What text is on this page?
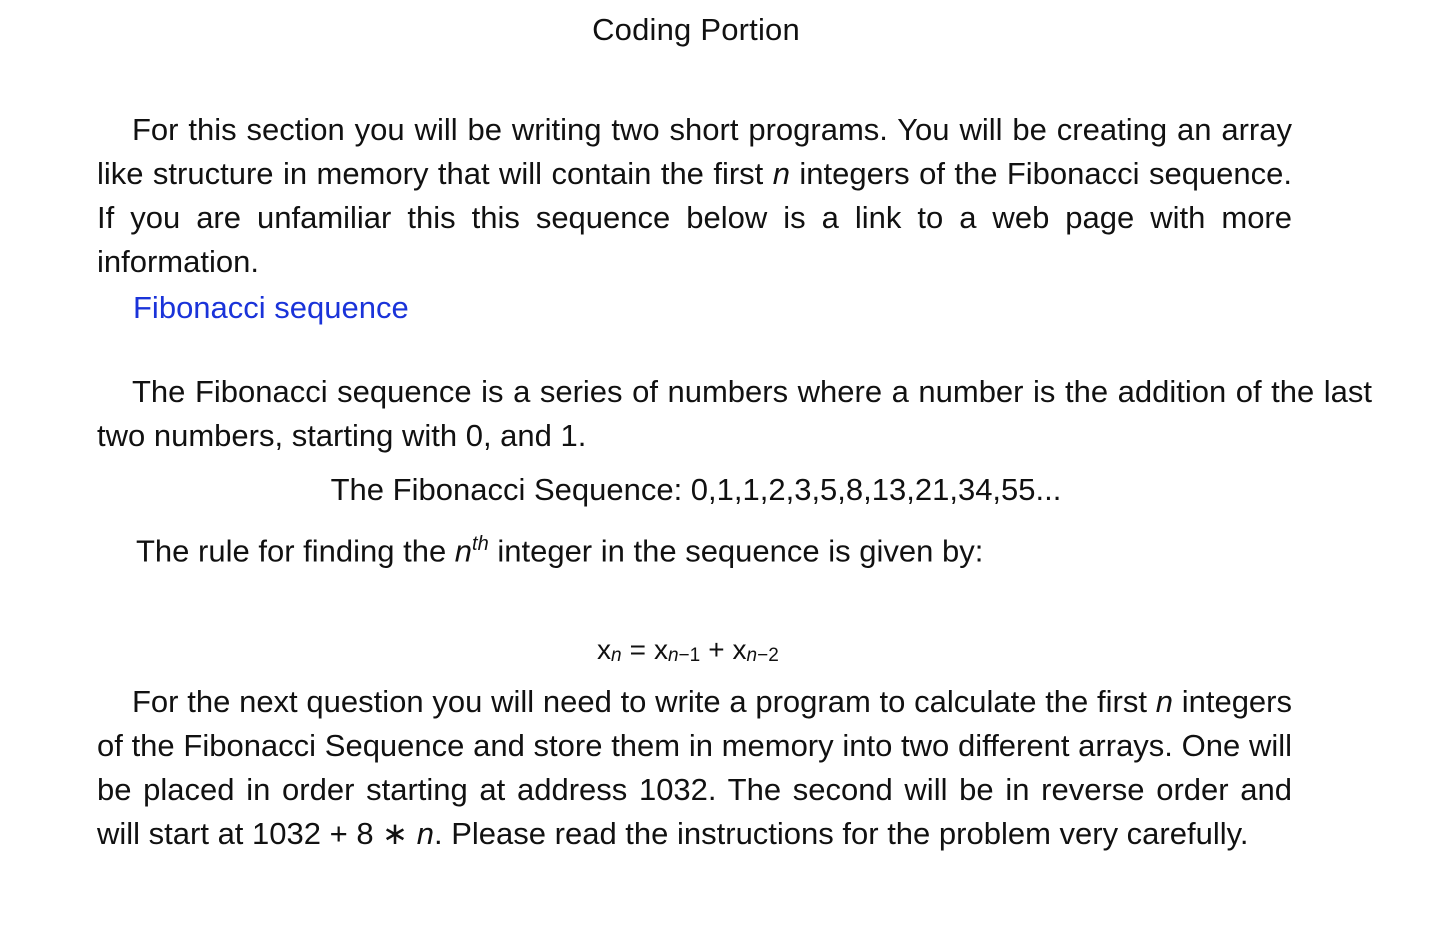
Coding Portion
For this section you will be writing two short programs. You will be creating an array like structure in memory that will contain the first n integers of the Fibonacci sequence. If you are unfamiliar this this sequence below is a link to a web page with more information.
Fibonacci sequence
The Fibonacci sequence is a series of numbers where a number is the addition of the last two numbers, starting with 0, and 1.
The Fibonacci Sequence: 0,1,1,2,3,5,8,13,21,34,55...
The rule for finding the $n^{th}$ integer in the sequence is given by:
xn = xn−1 + xn−2
For the next question you will need to write a program to calculate the first n integers of the Fibonacci Sequence and store them in memory into two different arrays. One will be placed in order starting at address 1032. The second will be in reverse order and will start at 1032 + 8 ∗ n. Please read the instructions for the problem very carefully.
